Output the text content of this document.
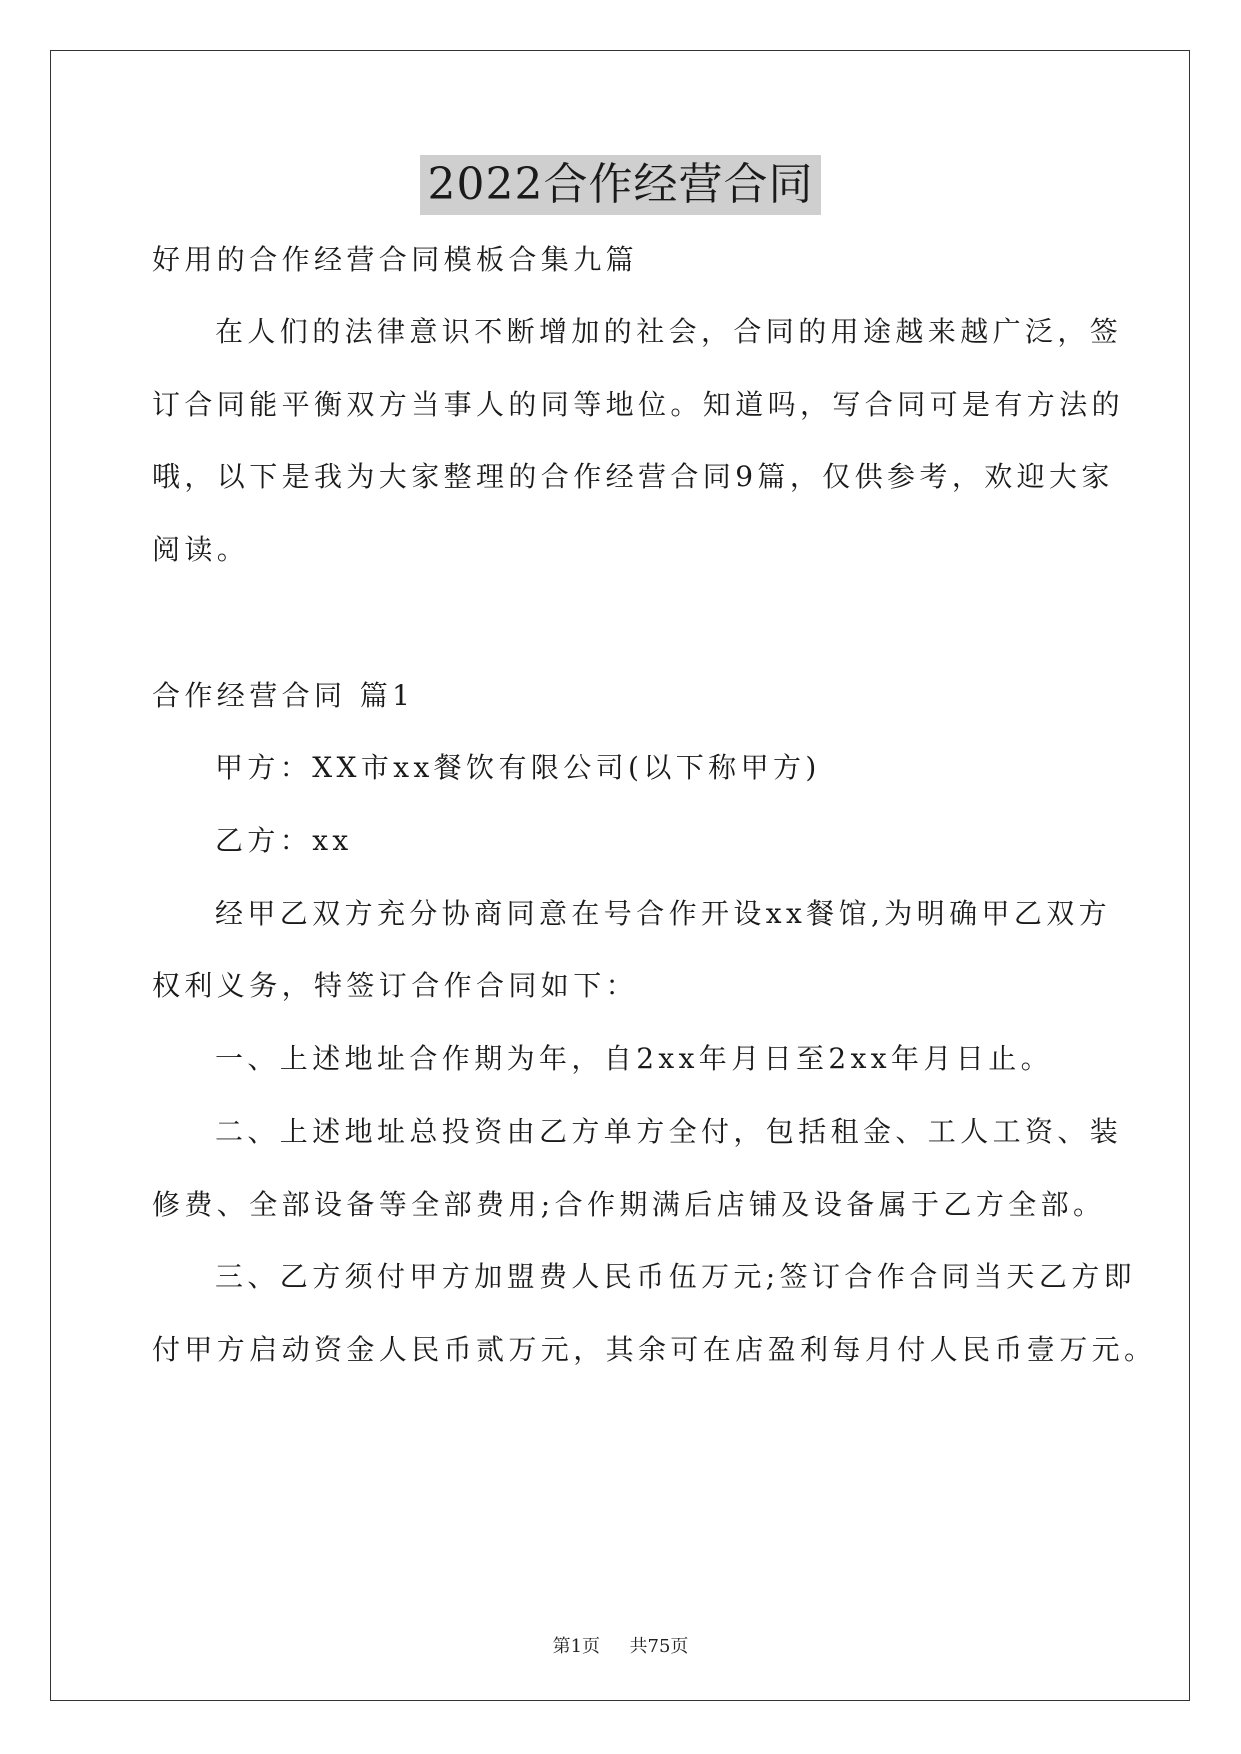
2022合作经营合同
好用的合作经营合同模板合集九篇
在人们的法律意识不断增加的社会，合同的用途越来越广泛，签
订合同能平衡双方当事人的同等地位。知道吗，写合同可是有方法的
哦，以下是我为大家整理的合作经营合同9篇，仅供参考，欢迎大家
阅读。
合作经营合同 篇1
甲方：XX市xx餐饮有限公司(以下称甲方)
乙方：xx
经甲乙双方充分协商同意在号合作开设xx餐馆,为明确甲乙双方
权利义务，特签订合作合同如下：
一、上述地址合作期为年，自2xx年月日至2xx年月日止。
二、上述地址总投资由乙方单方全付，包括租金、工人工资、装
修费、全部设备等全部费用;合作期满后店铺及设备属于乙方全部。
三、乙方须付甲方加盟费人民币伍万元;签订合作合同当天乙方即
付甲方启动资金人民币贰万元，其余可在店盈利每月付人民币壹万元。
第1页 共75页
